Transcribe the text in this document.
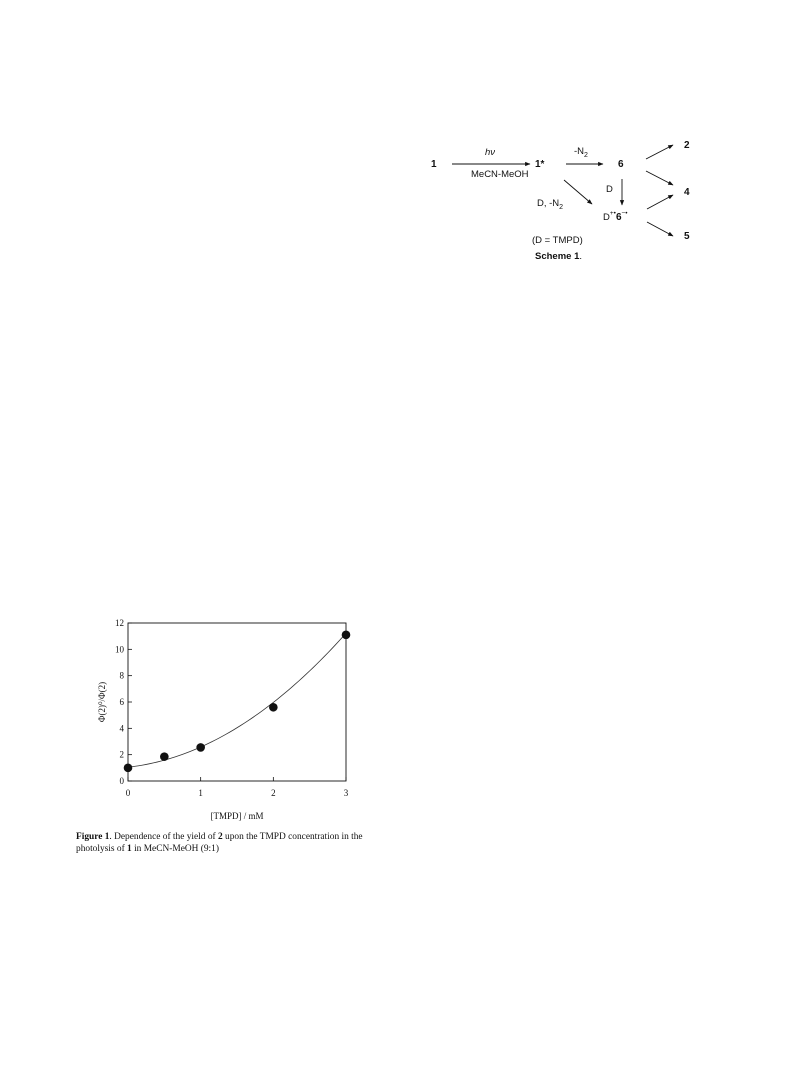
1
hν
MeCN-MeOH
1*
$-N_2$
6
D, $-N_2$
D
D+•6−•
2
4
5
(D = TMPD)
Scheme 1.
0
2
4
6
8
10
12
0	1	2	3
Φ(2)⁰/Φ(2)
[TMPD] / mM
Figure 1. Dependence of the yield of 2 upon the TMPD concentration in the photolysis of 1 in MeCN-MeOH (9:1)
